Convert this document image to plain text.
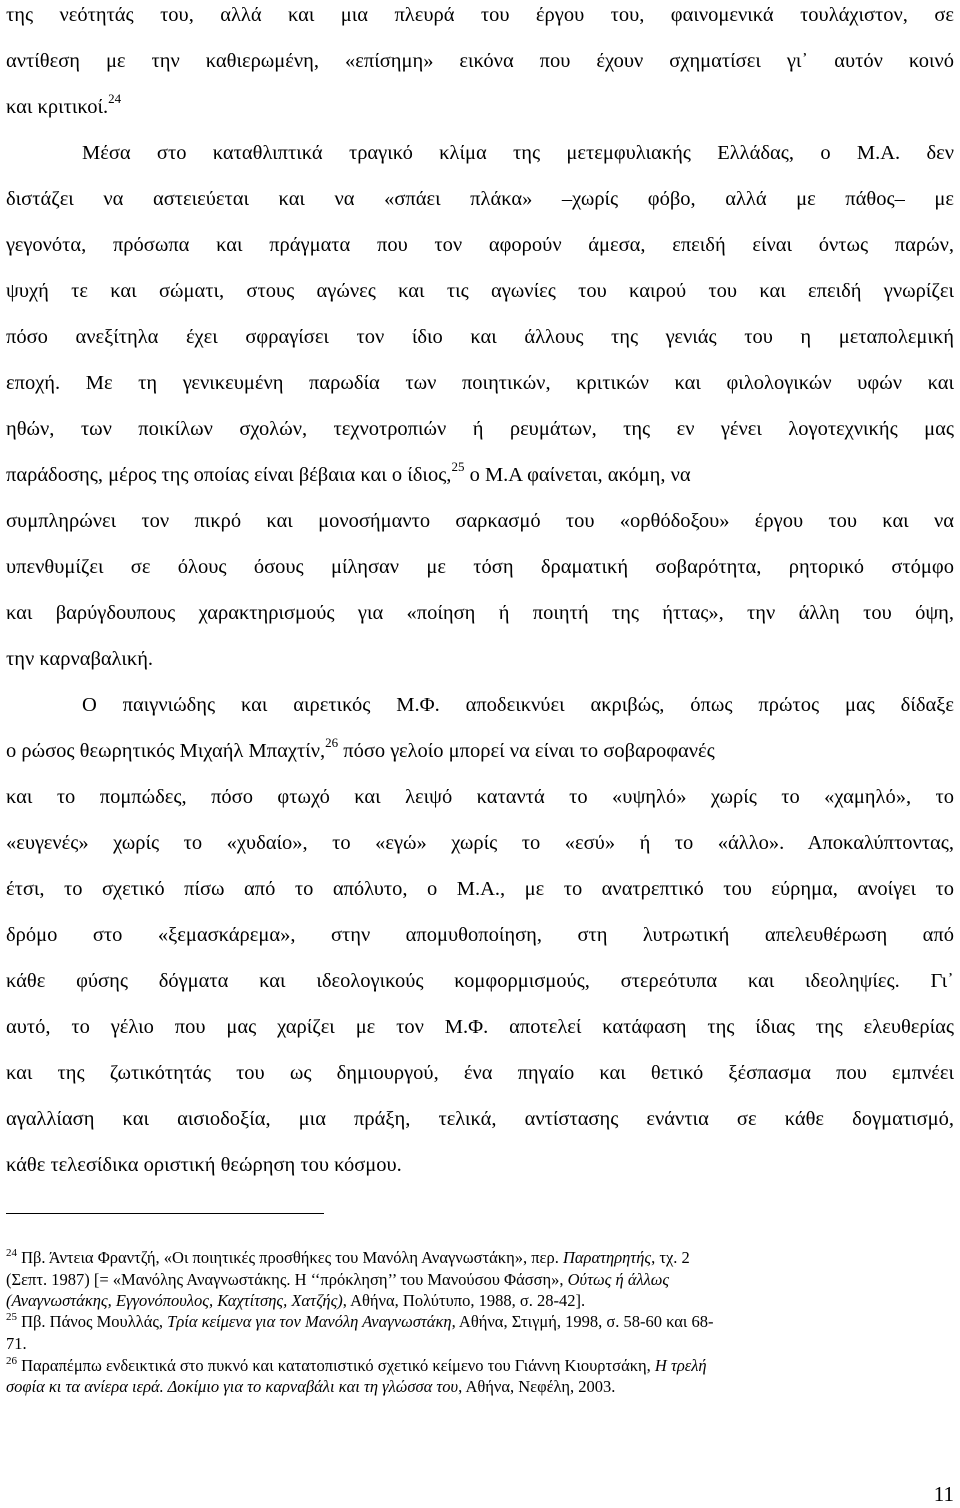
της νεότητάς του, αλλά και μια πλευρά του έργου του, φαινομενικά τουλάχιστον, σε
αντίθεση με την καθιερωμένη, «επίσημη» εικόνα που έχουν σχηματίσει γι᾿ αυτόν κοινό
και κριτικοί.$^{24}$
Μέσα στο καταθλιπτικά τραγικό κλίμα της μετεμφυλιακής Ελλάδας, ο Μ.Α. δεν
διστάζει να αστειεύεται και να «σπάει πλάκα» –χωρίς φόβο, αλλά με πάθος– με
γεγονότα, πρόσωπα και πράγματα που τον αφορούν άμεσα, επειδή είναι όντως παρών,
ψυχή τε και σώματι, στους αγώνες και τις αγωνίες του καιρού του και επειδή γνωρίζει
πόσο ανεξίτηλα έχει σφραγίσει τον ίδιο και άλλους της γενιάς του η μεταπολεμική
εποχή. Με τη γενικευμένη παρωδία των ποιητικών, κριτικών και φιλολογικών υφών και
ηθών, των ποικίλων σχολών, τεχνοτροπιών ή ρευμάτων, της εν γένει λογοτεχνικής μας
παράδοσης, μέρος της οποίας είναι βέβαια και ο ίδιος,$^{25}$ ο Μ.Α φαίνεται, ακόμη, να
συμπληρώνει τον πικρό και μονοσήμαντο σαρκασμό του «ορθόδοξου» έργου του και να
υπενθυμίζει σε όλους όσους μίλησαν με τόση δραματική σοβαρότητα, ρητορικό στόμφο
και βαρύγδουπους χαρακτηρισμούς για «ποίηση ή ποιητή της ήττας», την άλλη του όψη,
την καρναβαλική.
Ο παιγνιώδης και αιρετικός Μ.Φ. αποδεικνύει ακριβώς, όπως πρώτος μας δίδαξε
ο ρώσος θεωρητικός Μιχαήλ Μπαχτίν,$^{26}$ πόσο γελοίο μπορεί να είναι το σοβαροφανές
και το πομπώδες, πόσο φτωχό και λειψό καταντά το «υψηλό» χωρίς το «χαμηλό», το
«ευγενές» χωρίς το «χυδαίο», το «εγώ» χωρίς το «εσύ» ή το «άλλο». Αποκαλύπτοντας,
έτσι, το σχετικό πίσω από το απόλυτο, ο Μ.Α., με το ανατρεπτικό του εύρημα, ανοίγει το
δρόμο στο «ξεμασκάρεμα», στην απομυθοποίηση, στη λυτρωτική απελευθέρωση από
κάθε φύσης δόγματα και ιδεολογικούς κομφορμισμούς, στερεότυπα και ιδεοληψίες. Γι᾿
αυτό, το γέλιο που μας χαρίζει με τον Μ.Φ. αποτελεί κατάφαση της ίδιας της ελευθερίας
και της ζωτικότητάς του ως δημιουργού, ένα πηγαίο και θετικό ξέσπασμα που εμπνέει
αγαλλίαση και αισιοδοξία, μια πράξη, τελικά, αντίστασης ενάντια σε κάθε δογματισμό,
κάθε τελεσίδικα οριστική θεώρηση του κόσμου.
$^{24}$ Πβ. Άντεια Φραντζή, «Οι ποιητικές προσθήκες του Μανόλη Αναγνωστάκη», περ. Παρατηρητής, τχ. 2
(Σεπτ. 1987) [= «Μανόλης Αναγνωστάκης. Η ‘‘πρόκληση’’ του Μανούσου Φάσση», Ούτως ή άλλως
(Αναγνωστάκης, Εγγονόπουλος, Καχτίτσης, Χατζής), Αθήνα, Πολύτυπο, 1988, σ. 28-42].
$^{25}$ Πβ. Πάνος Μουλλάς, Τρία κείμενα για τον Μανόλη Αναγνωστάκη, Αθήνα, Στιγμή, 1998, σ. 58-60 και 68-
71.
$^{26}$ Παραπέμπω ενδεικτικά στο πυκνό και κατατοπιστικό σχετικό κείμενο του Γιάννη Κιουρτσάκη, Η τρελή
σοφία κι τα ανίερα ιερά. Δοκίμιο για το καρναβάλι και τη γλώσσα του, Αθήνα, Νεφέλη, 2003.
11
